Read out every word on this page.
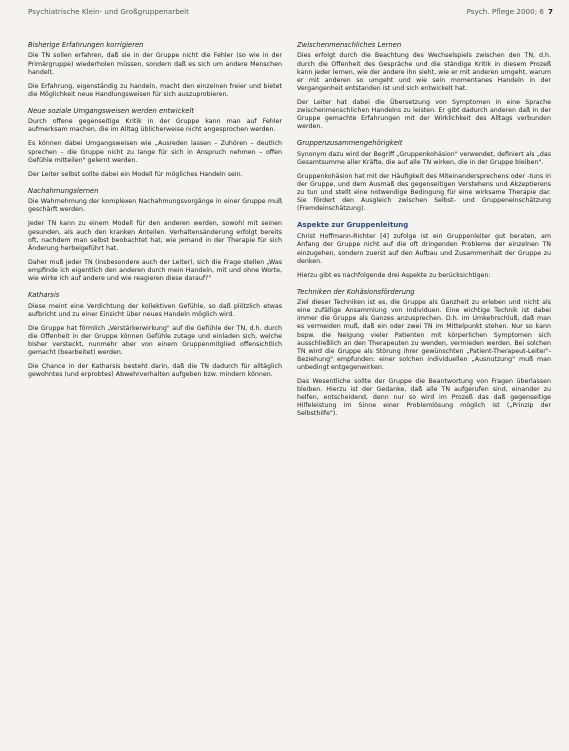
Psychiatrische Klein- und Großgruppenarbeit	Psych. Pflege 2000; 6 7
Bisherige Erfahrungen korrigieren

Die TN sollen erfahren, daß sie in der Gruppe nicht die Fehler (so wie in der Primärgruppe) wiederholen müssen, sondern daß es sich um andere Menschen handelt.

Die Erfahrung, eigenständig zu handeln, macht den einzelnen freier und bietet die Möglichkeit neue Handlungsweisen für sich auszuprobieren.

Neue soziale Umgangsweisen werden entwickelt

Durch offene gegenseitige Kritik in der Gruppe kann man auf Fehler aufmerksam machen, die im Alltag üblicherweise nicht angesprochen werden.

Es können dabei Umgangsweisen wie „Ausreden lassen – Zuhören – deutlich sprechen – die Gruppe nicht zu lange für sich in Anspruch nehmen – offen Gefühle mitteilen" gelernt werden.

Der Leiter selbst sollte dabei ein Modell für mögliches Handeln sein.

Nachahmungslernen

Die Wahrnehmung der komplexen Nachahmungsvorgänge in einer Gruppe muß geschärft werden.

Jeder TN kann zu einem Modell für den anderen werden, sowohl mit seinen gesunden, als auch den kranken Anteilen. Verhaltensänderung erfolgt bereits oft, nachdem man selbst beobachtet hat, wie jemand in der Therapie für sich Änderung herbeigeführt hat.

Daher muß jeder TN (insbesondere auch der Leiter), sich die Frage stellen „Was empfinde ich eigentlich den anderen durch mein Handeln, mit und ohne Worte, wie wirke ich auf andere und wie reagieren diese darauf?"

Katharsis

Diese meint eine Verdichtung der kollektiven Gefühle, so daß plötzlich etwas aufbricht und zu einer Einsicht über neues Handeln möglich wird.

Die Gruppe hat förmlich „Verstärkerwirkung" auf die Gefühle der TN, d.h. durch die Offenheit in der Gruppe können Gefühle zutage und einladen sich, welche bisher versteckt, nunmehr aber von einem Gruppenmitglied offensichtlich gemacht (bearbeitet) werden.

Die Chance in der Katharsis besteht darin, daß die TN dadurch für alltäglich gewohntes (und erprobtes) Abwehrverhalten aufgeben bzw. mindern können.

Zwischenmenschliches Lernen

Dies erfolgt durch die Beachtung des Wechselspiels zwischen den TN, d.h. durch die Offenheit des Gespräche und die ständige Kritik in diesem Prozeß kann jeder lernen, wie der andere ihn sieht, wie er mit anderen umgeht, warum er mit anderen so umgeht und wie sein momentanes Handeln in der Vergangenheit entstanden ist und sich entwickelt hat.

Der Leiter hat dabei die Übersetzung von Symptomen in eine Sprache zwischenmenschlichen Handelns zu leisten. Er gibt dadurch anderen daß in der Gruppe gemachte Erfahrungen mit der Wirklichkeit des Alltags verbunden werden.

Gruppenzusammengehörigkeit

Synonym dazu wird der Begriff „Gruppenkohäsion" verwendet, definiert als „das Gesamtsumme aller Kräfte, die auf alle TN wirken, die in der Gruppe bleiben".

Gruppenkohäsion hat mit der Häufigkeit des Miteinandersprechens oder -tuns in der Gruppe, und dem Ausmaß des gegenseitigen Verstehens und Akzeptierens zu tun und stellt eine notwendige Bedingung für eine wirksame Therapie dar. Sie fördert den Ausgleich zwischen Selbst- und Gruppeneinschätzung (Fremdeinschätzung).

Aspekte zur Gruppenleitung

Christ Hoffmann-Richter [4] zufolge ist ein Gruppenleiter gut beraten, am Anfang der Gruppe nicht auf die oft dringenden Probleme der einzelnen TN einzugehen, sondern zuerst auf den Aufbau und Zusammenhalt der Gruppe zu denken.

Hierzu gibt es nachfolgende drei Aspekte zu berücksichtigen:

Techniken der Kohäsionsförderung

Ziel dieser Techniken ist es, die Gruppe als Ganzheit zu erleben und nicht als eine zufällige Ansammlung von Individuen. Eine wichtige Technik ist dabei immer die Gruppe als Ganzes anzusprechen. D.h. im Umkehrschluß, daß man es vermeiden muß, daß ein oder zwei TN im Mittelpunkt stehen. Nur so kann bspw. die Neigung vieler Patienten mit körperlichen Symptomen sich ausschließlich an den Therapeuten zu wenden, vermieden werden. Bei solchen TN wird die Gruppe als Störung ihrer gewünschten „Patient-Therapeut-Leiter"-Beziehung" empfunden: einer solchen individuellen „Ausnutzung" muß man unbedingt entgegenwirken.

Das Wesentliche sollte der Gruppe die Beantwortung von Fragen überlassen bleiben. Hierzu ist der Gedanke, daß alle TN aufgerufen sind, einander zu helfen, entscheidend, denn nur so wird im Prozeß das daß gegenseitige Hilfeleistung im Sinne einer Problemlösung möglich ist („Prinzip der Selbsthilfe").
